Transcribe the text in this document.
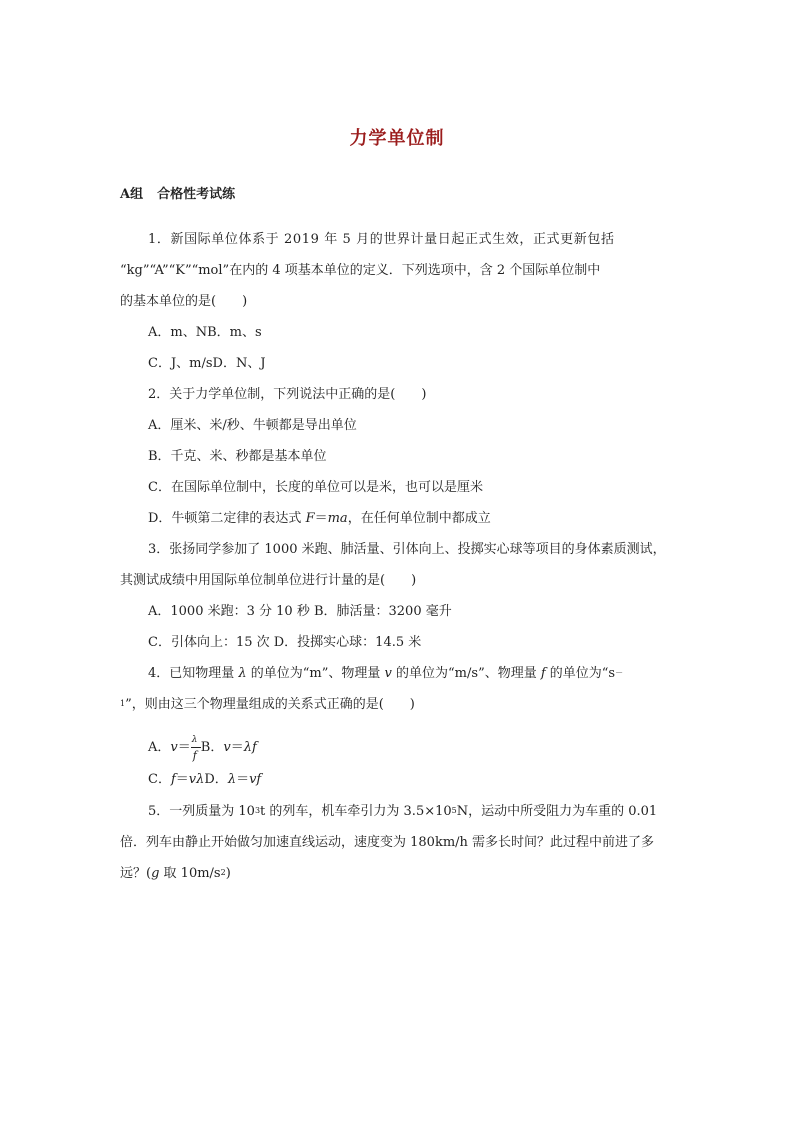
力学单位制
A组 合格性考试练
1．新国际单位体系于 2019 年 5 月的世界计量日起正式生效，正式更新包括
“kg”“A”“K”“mol”在内的 4 项基本单位的定义．下列选项中，含 2 个国际单位制中
的基本单位的是(　　)
A．m、NB．m、s
C．J、m/sD．N、J
2．关于力学单位制，下列说法中正确的是(　　)
A．厘米、米/秒、牛顿都是导出单位
B．千克、米、秒都是基本单位
C．在国际单位制中，长度的单位可以是米，也可以是厘米
D．牛顿第二定律的表达式 F＝ma，在任何单位制中都成立
3．张扬同学参加了 1000 米跑、肺活量、引体向上、投掷实心球等项目的身体素质测试，
其测试成绩中用国际单位制单位进行计量的是(　　)
A．1000 米跑：3 分 10 秒 B．肺活量：3200 毫升
C．引体向上：15 次 D．投掷实心球：14.5 米
4．已知物理量 λ 的单位为“m”、物理量 v 的单位为“m/s”、物理量 f 的单位为“s－
$^1$”，则由这三个物理量组成的关系式正确的是(　　)
A．$v= \frac{\lambda}{f}$ B．v＝λf
C．f＝vλD．λ＝vf
5．一列质量为 $10^3t$ 的列车，机车牵引力为 $3.5\times 10^5N$，运动中所受阻力为车重的 0.01
倍．列车由静止开始做匀加速直线运动，速度变为 180km/h 需多长时间？此过程中前进了多
远？(g 取 $10m/s^2$)
